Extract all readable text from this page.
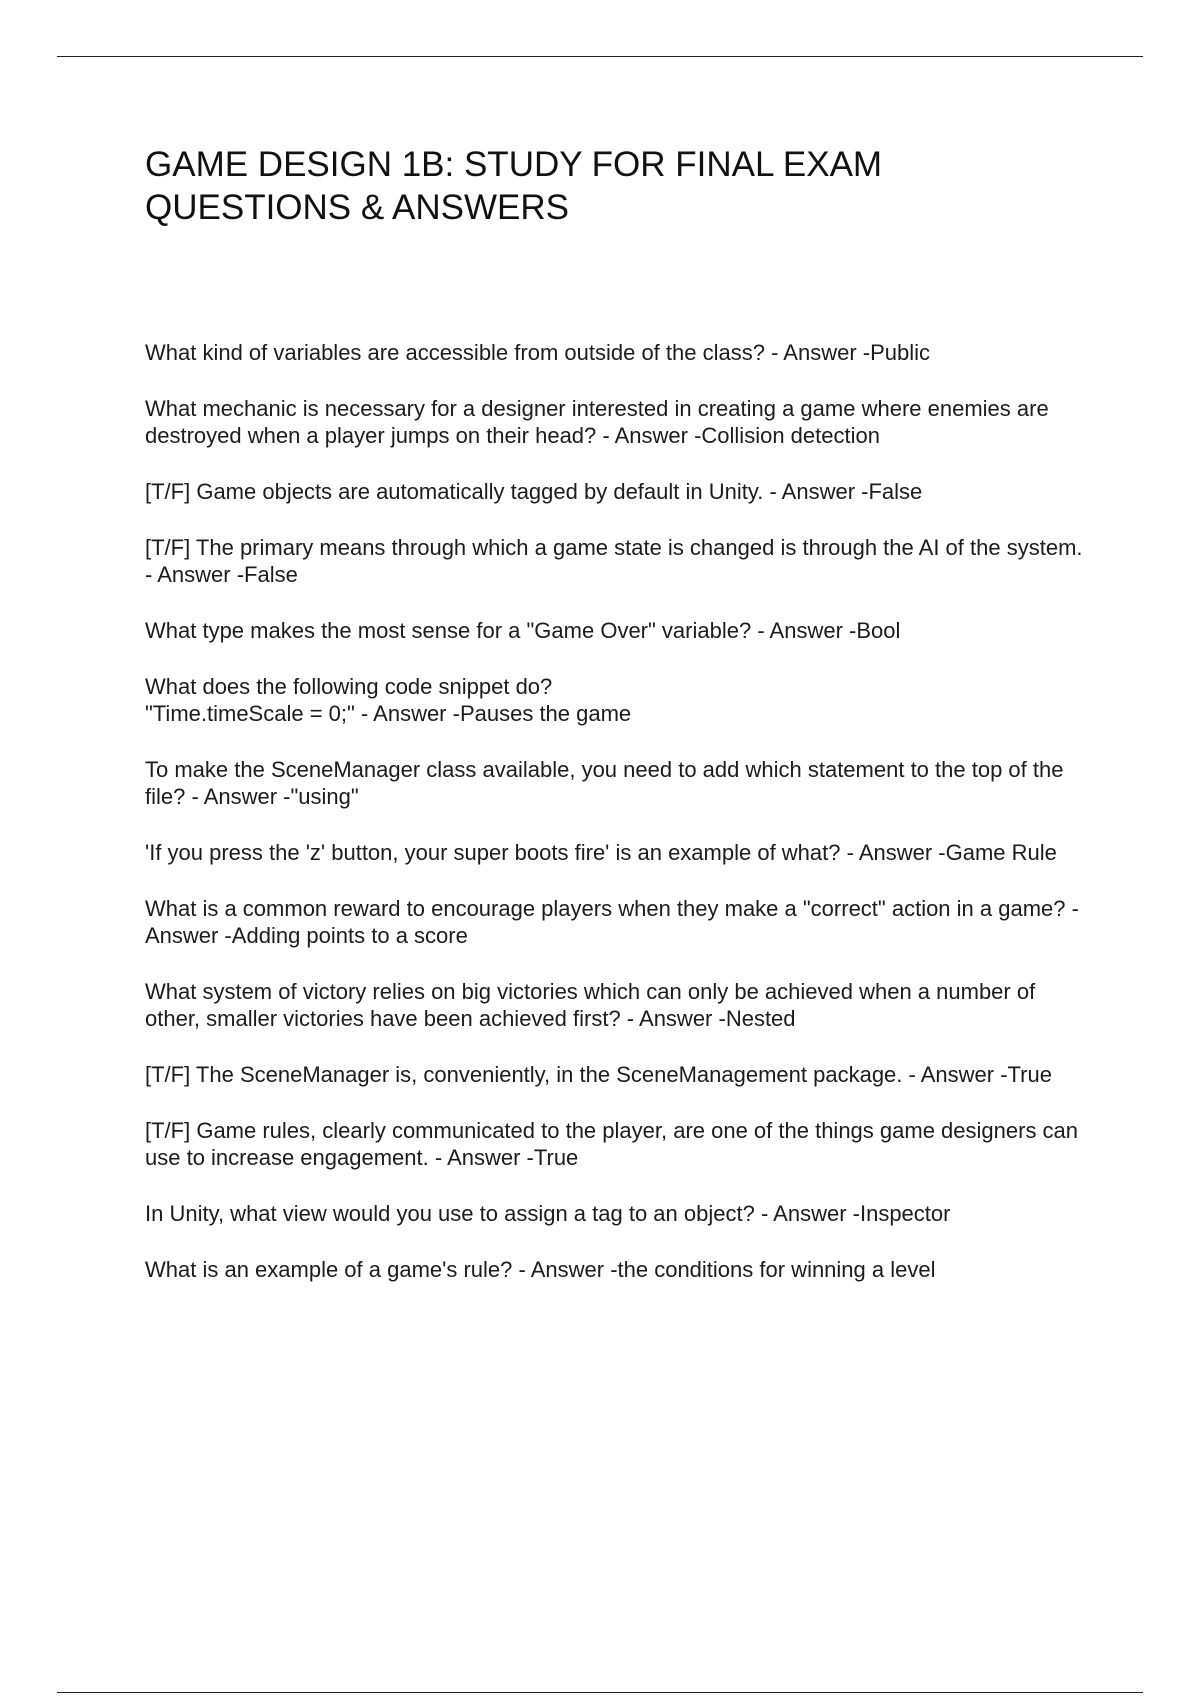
GAME DESIGN 1B: STUDY FOR FINAL EXAM
QUESTIONS & ANSWERS
What kind of variables are accessible from outside of the class? - Answer -Public
What mechanic is necessary for a designer interested in creating a game where enemies are destroyed when a player jumps on their head? - Answer -Collision detection
[T/F] Game objects are automatically tagged by default in Unity. - Answer -False
[T/F] The primary means through which a game state is changed is through the AI of the system. - Answer -False
What type makes the most sense for a "Game Over" variable? - Answer -Bool
What does the following code snippet do?
"Time.timeScale = 0;" - Answer -Pauses the game
To make the SceneManager class available, you need to add which statement to the top of the file? - Answer -"using"
'If you press the 'z' button, your super boots fire' is an example of what? - Answer -Game Rule
What is a common reward to encourage players when they make a "correct" action in a game? - Answer -Adding points to a score
What system of victory relies on big victories which can only be achieved when a number of other, smaller victories have been achieved first? - Answer -Nested
[T/F] The SceneManager is, conveniently, in the SceneManagement package. - Answer -True
[T/F] Game rules, clearly communicated to the player, are one of the things game designers can use to increase engagement. - Answer -True
In Unity, what view would you use to assign a tag to an object? - Answer -Inspector
What is an example of a game's rule? - Answer -the conditions for winning a level
